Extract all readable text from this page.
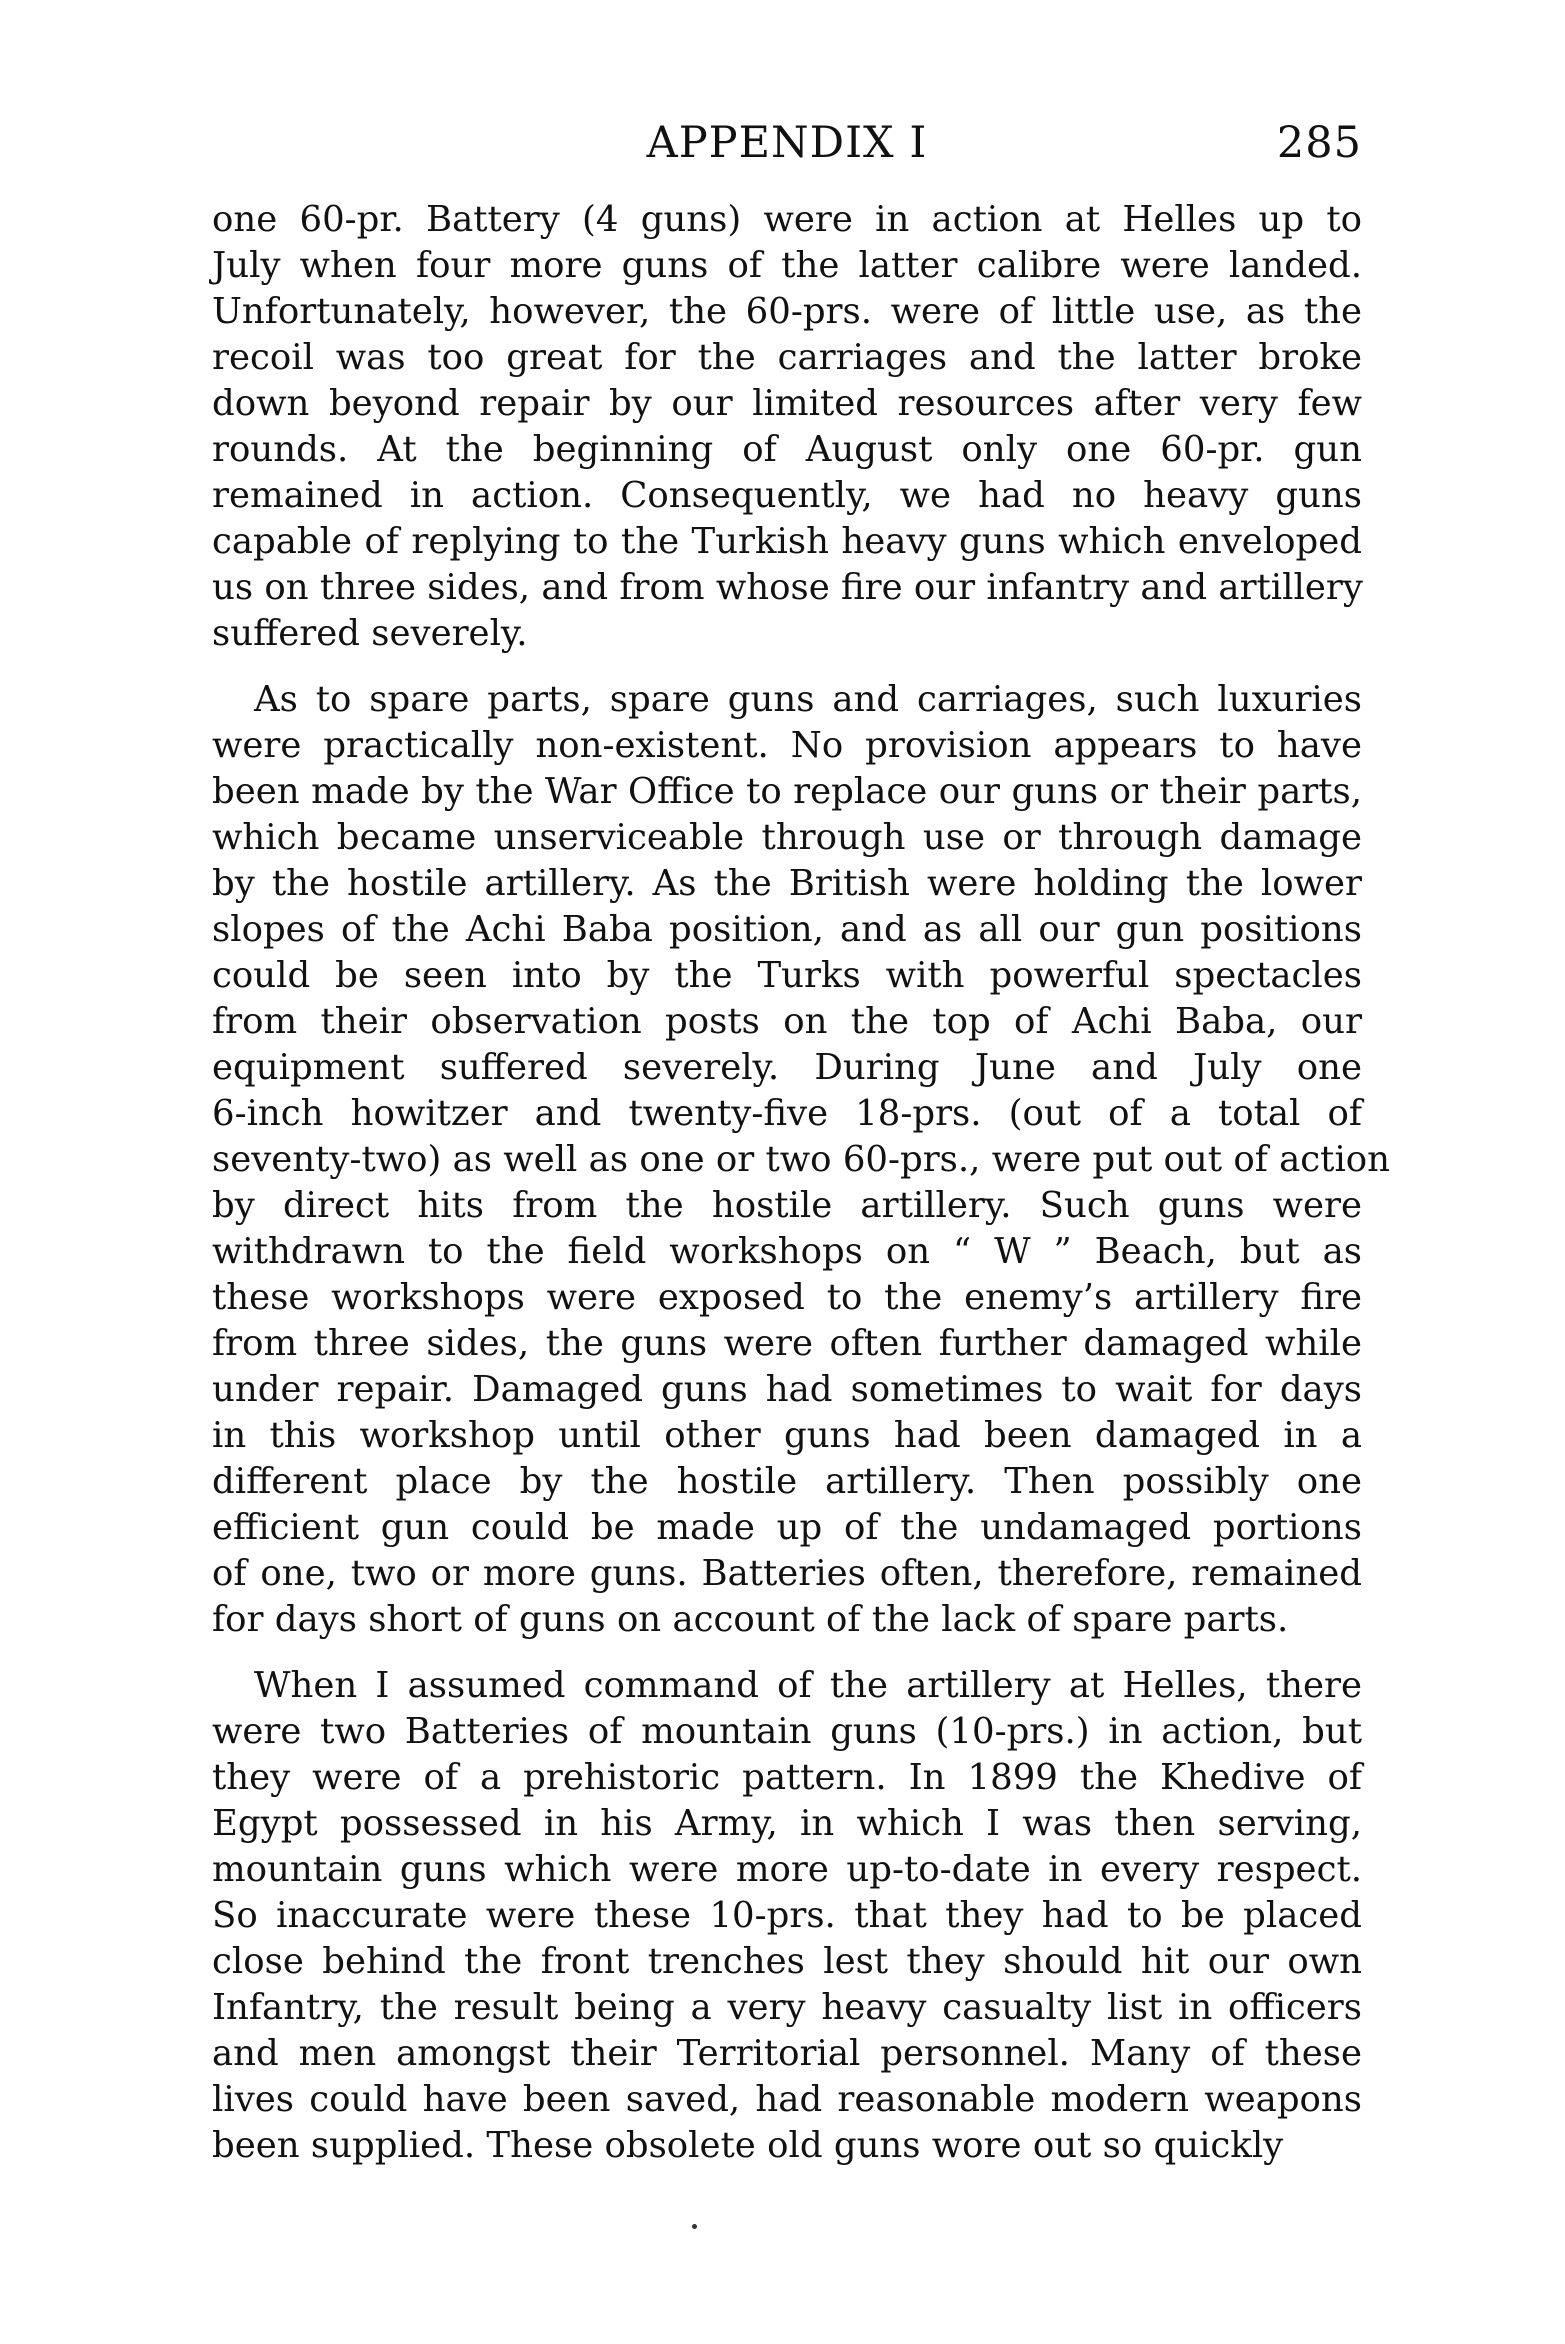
APPENDIX I	285
one 60-pr. Battery (4 guns) were in action at Helles up to
July when four more guns of the latter calibre were landed.
Unfortunately, however, the 60-prs. were of little use, as the
recoil was too great for the carriages and the latter broke
down beyond repair by our limited resources after very few
rounds. At the beginning of August only one 60-pr. gun
remained in action. Consequently, we had no heavy guns
capable of replying to the Turkish heavy guns which enveloped
us on three sides, and from whose fire our infantry and artillery
suffered severely.
As to spare parts, spare guns and carriages, such luxuries
were practically non-existent. No provision appears to have
been made by the War Office to replace our guns or their parts,
which became unserviceable through use or through damage
by the hostile artillery. As the British were holding the lower
slopes of the Achi Baba position, and as all our gun positions
could be seen into by the Turks with powerful spectacles
from their observation posts on the top of Achi Baba, our
equipment suffered severely. During June and July one
6-inch howitzer and twenty-five 18-prs. (out of a total of
seventy-two) as well as one or two 60-prs., were put out of action
by direct hits from the hostile artillery. Such guns were
withdrawn to the field workshops on “ W ” Beach, but as
these workshops were exposed to the enemy’s artillery fire
from three sides, the guns were often further damaged while
under repair. Damaged guns had sometimes to wait for days
in this workshop until other guns had been damaged in a
different place by the hostile artillery. Then possibly one
efficient gun could be made up of the undamaged portions
of one, two or more guns. Batteries often, therefore, remained
for days short of guns on account of the lack of spare parts.
When I assumed command of the artillery at Helles, there
were two Batteries of mountain guns (10-prs.) in action, but
they were of a prehistoric pattern. In 1899 the Khedive of
Egypt possessed in his Army, in which I was then serving,
mountain guns which were more up-to-date in every respect.
So inaccurate were these 10-prs. that they had to be placed
close behind the front trenches lest they should hit our own
Infantry, the result being a very heavy casualty list in officers
and men amongst their Territorial personnel. Many of these
lives could have been saved, had reasonable modern weapons
been supplied. These obsolete old guns wore out so quickly
